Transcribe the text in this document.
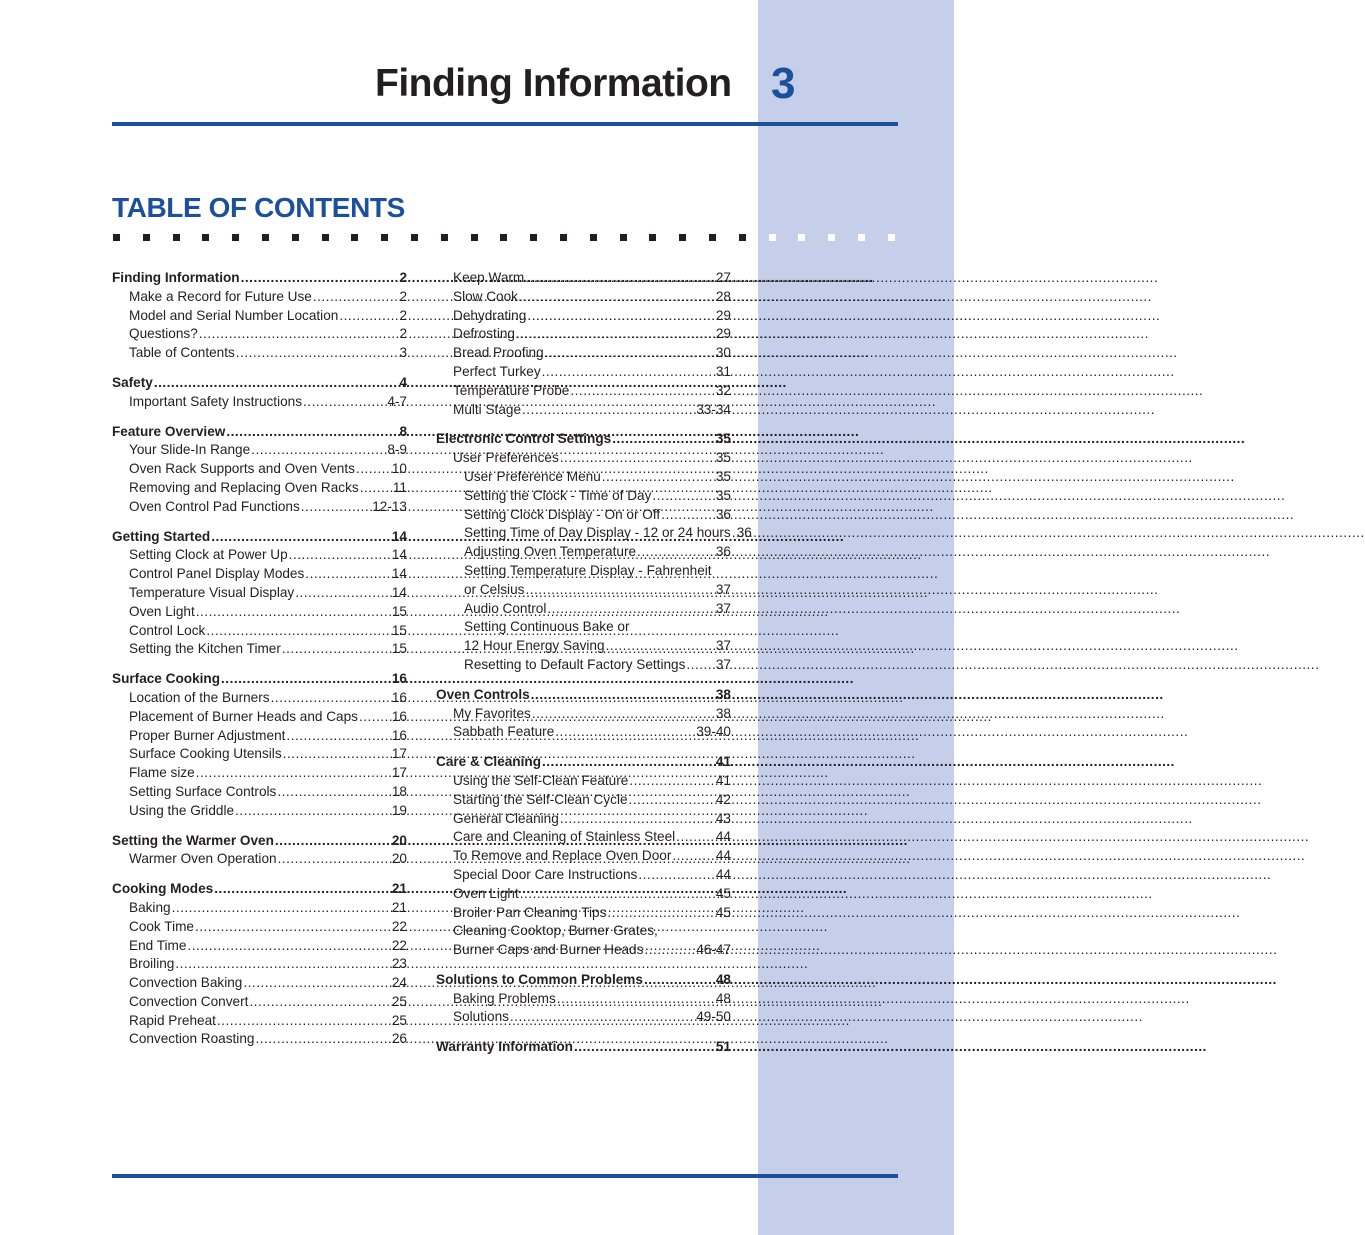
Finding Information 3
TABLE OF CONTENTS
Finding Information .....	2
Make a Record for Future Use .....	2
Model and Serial Number Location .....	2
Questions? .....	2
Table of Contents .....	3
Safety .....	4
Important Safety Instructions .....	4-7
Feature Overview .....	8
Your Slide-In Range .....	8-9
Oven Rack Supports and Oven Vents .....	10
Removing and Replacing Oven Racks .....	11
Oven Control Pad Functions .....	12-13
Getting Started .....	14
Setting Clock at Power Up .....	14
Control Panel Display Modes .....	14
Temperature Visual Display .....	14
Oven Light .....	15
Control Lock .....	15
Setting the Kitchen Timer .....	15
Surface Cooking .....	16
Location of the Burners .....	16
Placement of Burner Heads and Caps ..... 16
Proper Burner Adjustment .....	16
Surface Cooking Utensils .....	17
Flame size .....	17
Setting Surface Controls .....	18
Using the Griddle .....	19
Setting the Warmer Oven .....	20
Warmer Oven Operation .....	20
Cooking Modes .....	21
Baking .....	21
Cook Time .....	22
End Time .....	22
Broiling .....	23
Convection Baking .....	24
Convection Convert .....	25
Rapid Preheat .....	25
Convection Roasting .....	26
Keep Warm .....	27
Slow Cook .....	28
Dehydrating .....	29
Defrosting .....	29
Bread Proofing .....	30
Perfect Turkey .....	31
Temperature Probe .....	32
Multi Stage .....	33-34
Electronic Control Settings .....	35
User Preferences .....	35
User Preference Menu .....	35
Setting the Clock - Time of Day .....	35
Setting Clock Display - On or Off .....	36
Setting Time of Day Display - 12 or 24 hours ..... 36
Adjusting Oven Temperature .....	36
Setting Temperature Display - Fahrenheit
or Celsius .....	37
Audio Control .....	37
Setting Continuous Bake or
12 Hour Energy Saving .....	37
Resetting to Default Factory Settings ..... 37
Oven Controls .....	38
My Favorites .....	38
Sabbath Feature .....	39-40
Care & Cleaning .....	41
Using the Self-Clean Feature .....	41
Starting the Self-Clean Cycle .....	42
General Cleaning .....	43
Care and Cleaning of Stainless Steel .....	44
To Remove and Replace Oven Door .....	44
Special Door Care Instructions .....	44
Oven Light .....	45
Broiler Pan Cleaning Tips .....	45
Cleaning Cooktop, Burner Grates,
Burner Caps and Burner Heads .....	46-47
Solutions to Common Problems .....	48
Baking Problems .....	48
Solutions .....	49-50
Warranty Information .....	51
